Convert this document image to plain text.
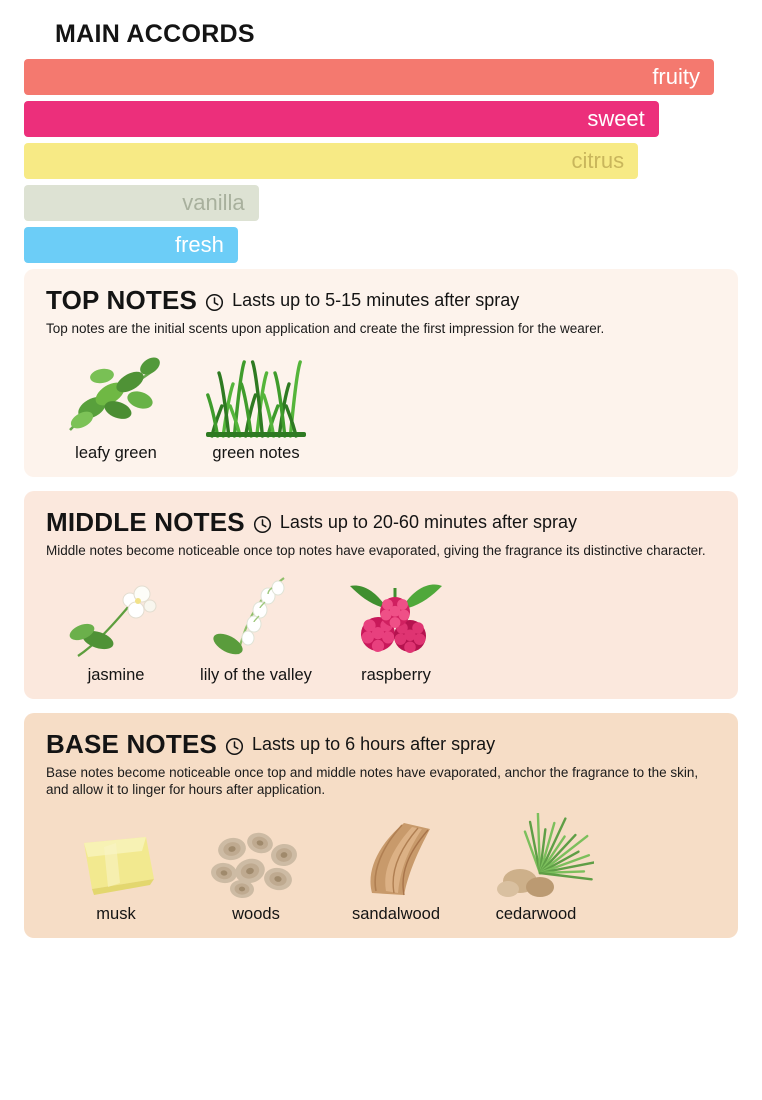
MAIN ACCORDS
fruity
sweet
citrus
vanilla
fresh
TOP NOTES Lasts up to 5-15 minutes after spray

Top notes are the initial scents upon application and create the first impression for the wearer.

leafy green	green notes
MIDDLE NOTES Lasts up to 20-60 minutes after spray

Middle notes become noticeable once top notes have evaporated, giving the fragrance its distinctive character.

jasmine	lily of the valley	raspberry
BASE NOTES Lasts up to 6 hours after spray

Base notes become noticeable once top and middle notes have evaporated, anchor the fragrance to the skin, and allow it to linger for hours after application.

musk	woods	sandalwood	cedarwood
